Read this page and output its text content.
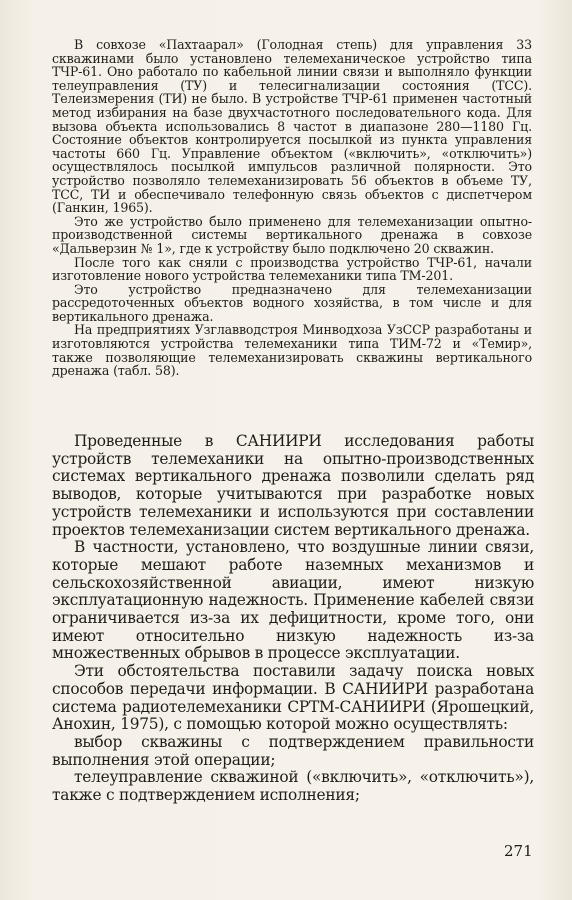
В совхозе «Пахтаарал» (Голодная степь) для управления 33 скважинами было установлено телемеханическое устройство типа ТЧР-61. Оно работало по кабельной линии связи и выполняло функции телеуправления (ТУ) и телесигнализации состояния (ТСС). Телеизмерения (ТИ) не было. В устройстве ТЧР-61 применен частотный метод избирания на базе двухчастотного последовательного кода. Для вызова объекта использовались 8 частот в диапазоне 280—1180 Гц. Состояние объектов контролируется посылкой из пункта управления частоты 660 Гц. Управление объектом («включить», «отключить») осуществлялось посылкой импульсов различной полярности. Это устройство позволяло телемеханизировать 56 объектов в объеме ТУ, ТСС, ТИ и обеспечивало телефонную связь объектов с диспетчером (Ганкин, 1965).

Это же устройство было применено для телемеханизации опытно-производственной системы вертикального дренажа в совхозе «Дальверзин № 1», где к устройству было подключено 20 скважин.

После того как сняли с производства устройство ТЧР-61, начали изготовление нового устройства телемеханики типа ТМ-201.

Это устройство предназначено для телемеханизации рассредоточенных объектов водного хозяйства, в том числе и для вертикального дренажа.

На предприятиях Узглавводстроя Минводхоза УзССР разработаны и изготовляются устройства телемеханики типа ТИМ-72 и «Темир», также позволяющие телемеханизировать скважины вертикального дренажа (табл. 58).

Проведенные в САНИИРИ исследования работы устройств телемеханики на опытно-производственных системах вертикального дренажа позволили сделать ряд выводов, которые учитываются при разработке новых устройств телемеханики и используются при составлении проектов телемеханизации систем вертикального дренажа.

В частности, установлено, что воздушные линии связи, которые мешают работе наземных механизмов и сельскохозяйственной авиации, имеют низкую эксплуатационную надежность. Применение кабелей связи ограничивается из-за их дефицитности, кроме того, они имеют относительно низкую надежность из-за множественных обрывов в процессе эксплуатации.

Эти обстоятельства поставили задачу поиска новых способов передачи информации. В САНИИРИ разработана система радиотелемеханики СРТМ-САНИИРИ (Ярошецкий, Анохин, 1975), с помощью которой можно осуществлять:

выбор скважины с подтверждением правильности выполнения этой операции;

телеуправление скважиной («включить», «отключить»), также с подтверждением исполнения;

271
